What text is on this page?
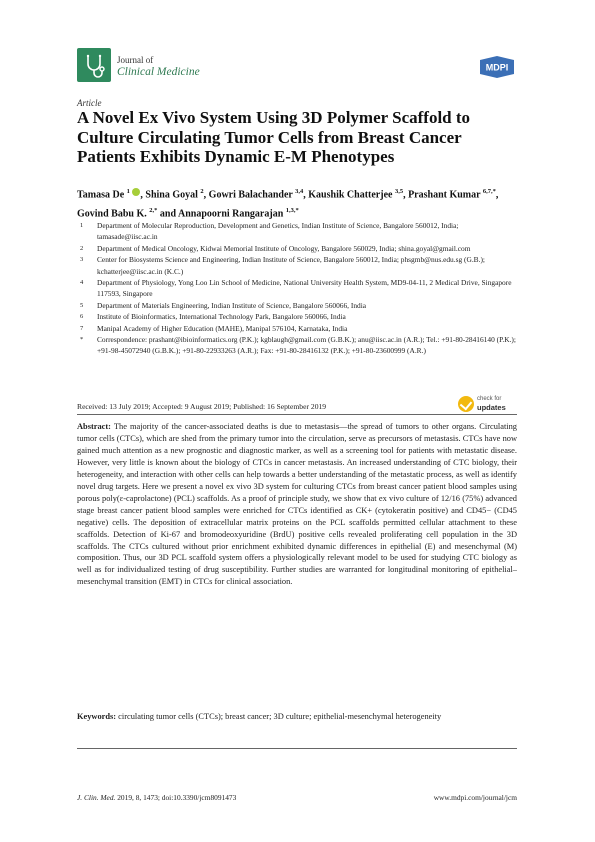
Journal of
Clinical Medicine	MDPI
Article
A Novel Ex Vivo System Using 3D Polymer Scaffold to Culture Circulating Tumor Cells from Breast Cancer Patients Exhibits Dynamic E-M Phenotypes

Tamasa De $^1$ , Shina Goyal $^2$, Gowri Balachander $^{3,4}$, Kaushik Chatterjee $^{3,5}$, Prashant Kumar $^{6,7,*}$, Govind Babu K. $^{2,*}$ and Annapoorni Rangarajan $^{1,3,*}$

1 Department of Molecular Reproduction, Development and Genetics, Indian Institute of Science, Bangalore 560012, India; tamasade@iisc.ac.in
2 Department of Medical Oncology, Kidwai Memorial Institute of Oncology, Bangalore 560029, India; shina.goyal@gmail.com
3 Center for Biosystems Science and Engineering, Indian Institute of Science, Bangalore 560012, India; phsgmb@nus.edu.sg (G.B.); kchatterjee@iisc.ac.in (K.C.)
4 Department of Physiology, Yong Loo Lin School of Medicine, National University Health System, MD9-04-11, 2 Medical Drive, Singapore 117593, Singapore
5 Department of Materials Engineering, Indian Institute of Science, Bangalore 560066, India
6 Institute of Bioinformatics, International Technology Park, Bangalore 560066, India
7 Manipal Academy of Higher Education (MAHE), Manipal 576104, Karnataka, India
* Correspondence: prashant@ibioinformatics.org (P.K.); kgblaugh@gmail.com (G.B.K.); anu@iisc.ac.in (A.R.); Tel.: +91-80-28416140 (P.K.); +91-98-45072940 (G.B.K.); +91-80-22933263 (A.R.); Fax: +91-80-28416132 (P.K.); +91-80-23600999 (A.R.)
check for
updates
Received: 13 July 2019; Accepted: 9 August 2019; Published: 16 September 2019

Abstract: The majority of the cancer-associated deaths is due to metastasis—the spread of tumors to other organs. Circulating tumor cells (CTCs), which are shed from the primary tumor into the circulation, serve as precursors of metastasis. CTCs have now gained much attention as a new prognostic and diagnostic marker, as well as a screening tool for patients with metastatic disease. However, very little is known about the biology of CTCs in cancer metastasis. An increased understanding of CTC biology, their heterogeneity, and interaction with other cells can help towards a better understanding of the metastatic process, as well as identify novel drug targets. Here we present a novel ex vivo 3D system for culturing CTCs from breast cancer patient blood samples using porous poly(ε-caprolactone) (PCL) scaffolds. As a proof of principle study, we show that ex vivo culture of 12/16 (75%) advanced stage breast cancer patient blood samples were enriched for CTCs identified as CK+ (cytokeratin positive) and CD45− (CD45 negative) cells. The deposition of extracellular matrix proteins on the PCL scaffolds permitted cellular attachment to these scaffolds. Detection of Ki-67 and bromodeoxyuridine (BrdU) positive cells revealed proliferating cell population in the 3D scaffolds. The CTCs cultured without prior enrichment exhibited dynamic differences in epithelial (E) and mesenchymal (M) composition. Thus, our 3D PCL scaffold system offers a physiologically relevant model to be used for studying CTC biology as well as for individualized testing of drug susceptibility. Further studies are warranted for longitudinal monitoring of epithelial–mesenchymal transition (EMT) in CTCs for clinical association.

Keywords: circulating tumor cells (CTCs); breast cancer; 3D culture; epithelial-mesenchymal heterogeneity

J. Clin. Med. 2019, 8, 1473; doi:10.3390/jcm8091473	www.mdpi.com/journal/jcm
